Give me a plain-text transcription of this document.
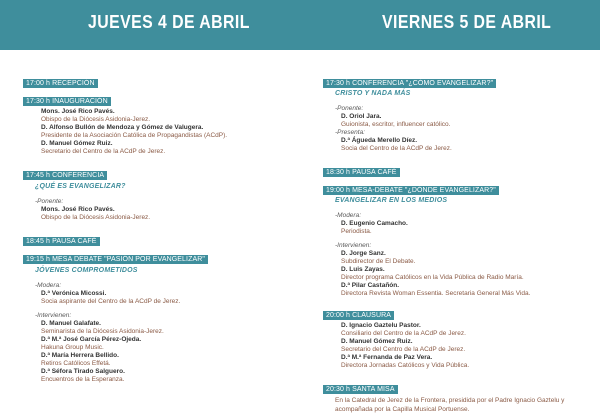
JUEVES 4 DE ABRIL	VIERNES 5 DE ABRIL
17:00 h RECEPCIÓN
17:30 h INAUGURACIÓN
Mons. José Rico Pavés.
Obispo de la Diócesis Asidonia-Jerez.
D. Alfonso Bullón de Mendoza y Gómez de Valugera.
Presidente de la Asociación Católica de Propagandistas (ACdP).
D. Manuel Gómez Ruiz.
Secretario del Centro de la ACdP de Jerez.
17:45 h CONFERENCIA
¿QUÉ ES EVANGELIZAR?
-Ponente:
Mons. José Rico Pavés.
Obispo de la Diócesis Asidonia-Jerez.
18:45 h PAUSA CAFÉ
19:15 h MESA DEBATE "PASIÓN POR EVANGELIZAR"
JÓVENES COMPROMETIDOS
-Modera:
D.ª Verónica Micossi.
Socia aspirante del Centro de la ACdP de Jerez.
-Intervienen:
D. Manuel Galafate.
Seminarista de la Diócesis Asidonia-Jerez.
D.ª M.ª José García Pérez-Ojeda.
Hakuna Group Music.
D.ª María Herrera Bellido.
Retiros Católicos Effetá.
D.ª Séfora Tirado Salguero.
Encuentros de la Esperanza.
17:30 h CONFERENCIA "¿CÓMO EVANGELIZAR?"
CRISTO Y NADA MÁS
-Ponente:
D. Oriol Jara.
Guionista, escritor, influencer católico.
-Presenta:
D.ª Águeda Merello Díez.
Socia del Centro de la ACdP de Jerez.
18:30 h PAUSA CAFÉ
19:00 h MESA-DEBATE "¿DÓNDE EVANGELIZAR?"
EVANGELIZAR EN LOS MEDIOS
-Modera:
D. Eugenio Camacho.
Periodista.
-Intervienen:
D. Jorge Sanz.
Subdirector de El Debate.
D. Luis Zayas.
Director programa Católicos en la Vida Pública de Radio María.
D.ª Pilar Castañón.
Directora Revista Woman Essentia. Secretaria General Más Vida.
20:00 h CLAUSURA
D. Ignacio Gaztelu Pastor.
Consiliario del Centro de la ACdP de Jerez.
D. Manuel Gómez Ruiz.
Secretario del Centro de la ACdP de Jerez.
D.ª M.ª Fernanda de Paz Vera.
Directora Jornadas Católicos y Vida Pública.
20:30 h SANTA MISA
En la Catedral de Jerez de la Frontera, presidida por el Padre Ignacio Gaztelu y acompañada por la Capilla Musical Portuense.
